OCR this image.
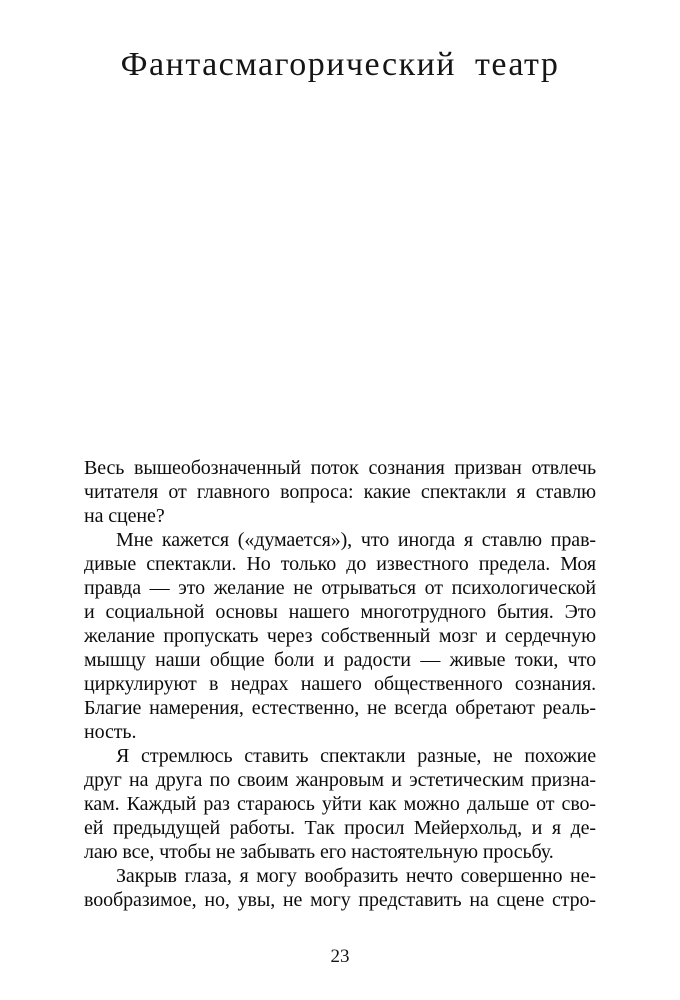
Фантасмагорический театр
Весь вышеобозначенный поток сознания призван отвлечь
читателя от главного вопроса: какие спектакли я ставлю
на сцене?
Мне кажется («думается»), что иногда я ставлю прав-
дивые спектакли. Но только до известного предела. Моя
правда — это желание не отрываться от психологической
и социальной основы нашего многотрудного бытия. Это
желание пропускать через собственный мозг и сердечную
мышцу наши общие боли и радости — живые токи, что
циркулируют в недрах нашего общественного сознания.
Благие намерения, естественно, не всегда обретают реаль-
ность.
Я стремлюсь ставить спектакли разные, не похожие
друг на друга по своим жанровым и эстетическим призна-
кам. Каждый раз стараюсь уйти как можно дальше от сво-
ей предыдущей работы. Так просил Мейерхольд, и я де-
лаю все, чтобы не забывать его настоятельную просьбу.
Закрыв глаза, я могу вообразить нечто совершенно не-
вообразимое, но, увы, не могу представить на сцене стро-
23
